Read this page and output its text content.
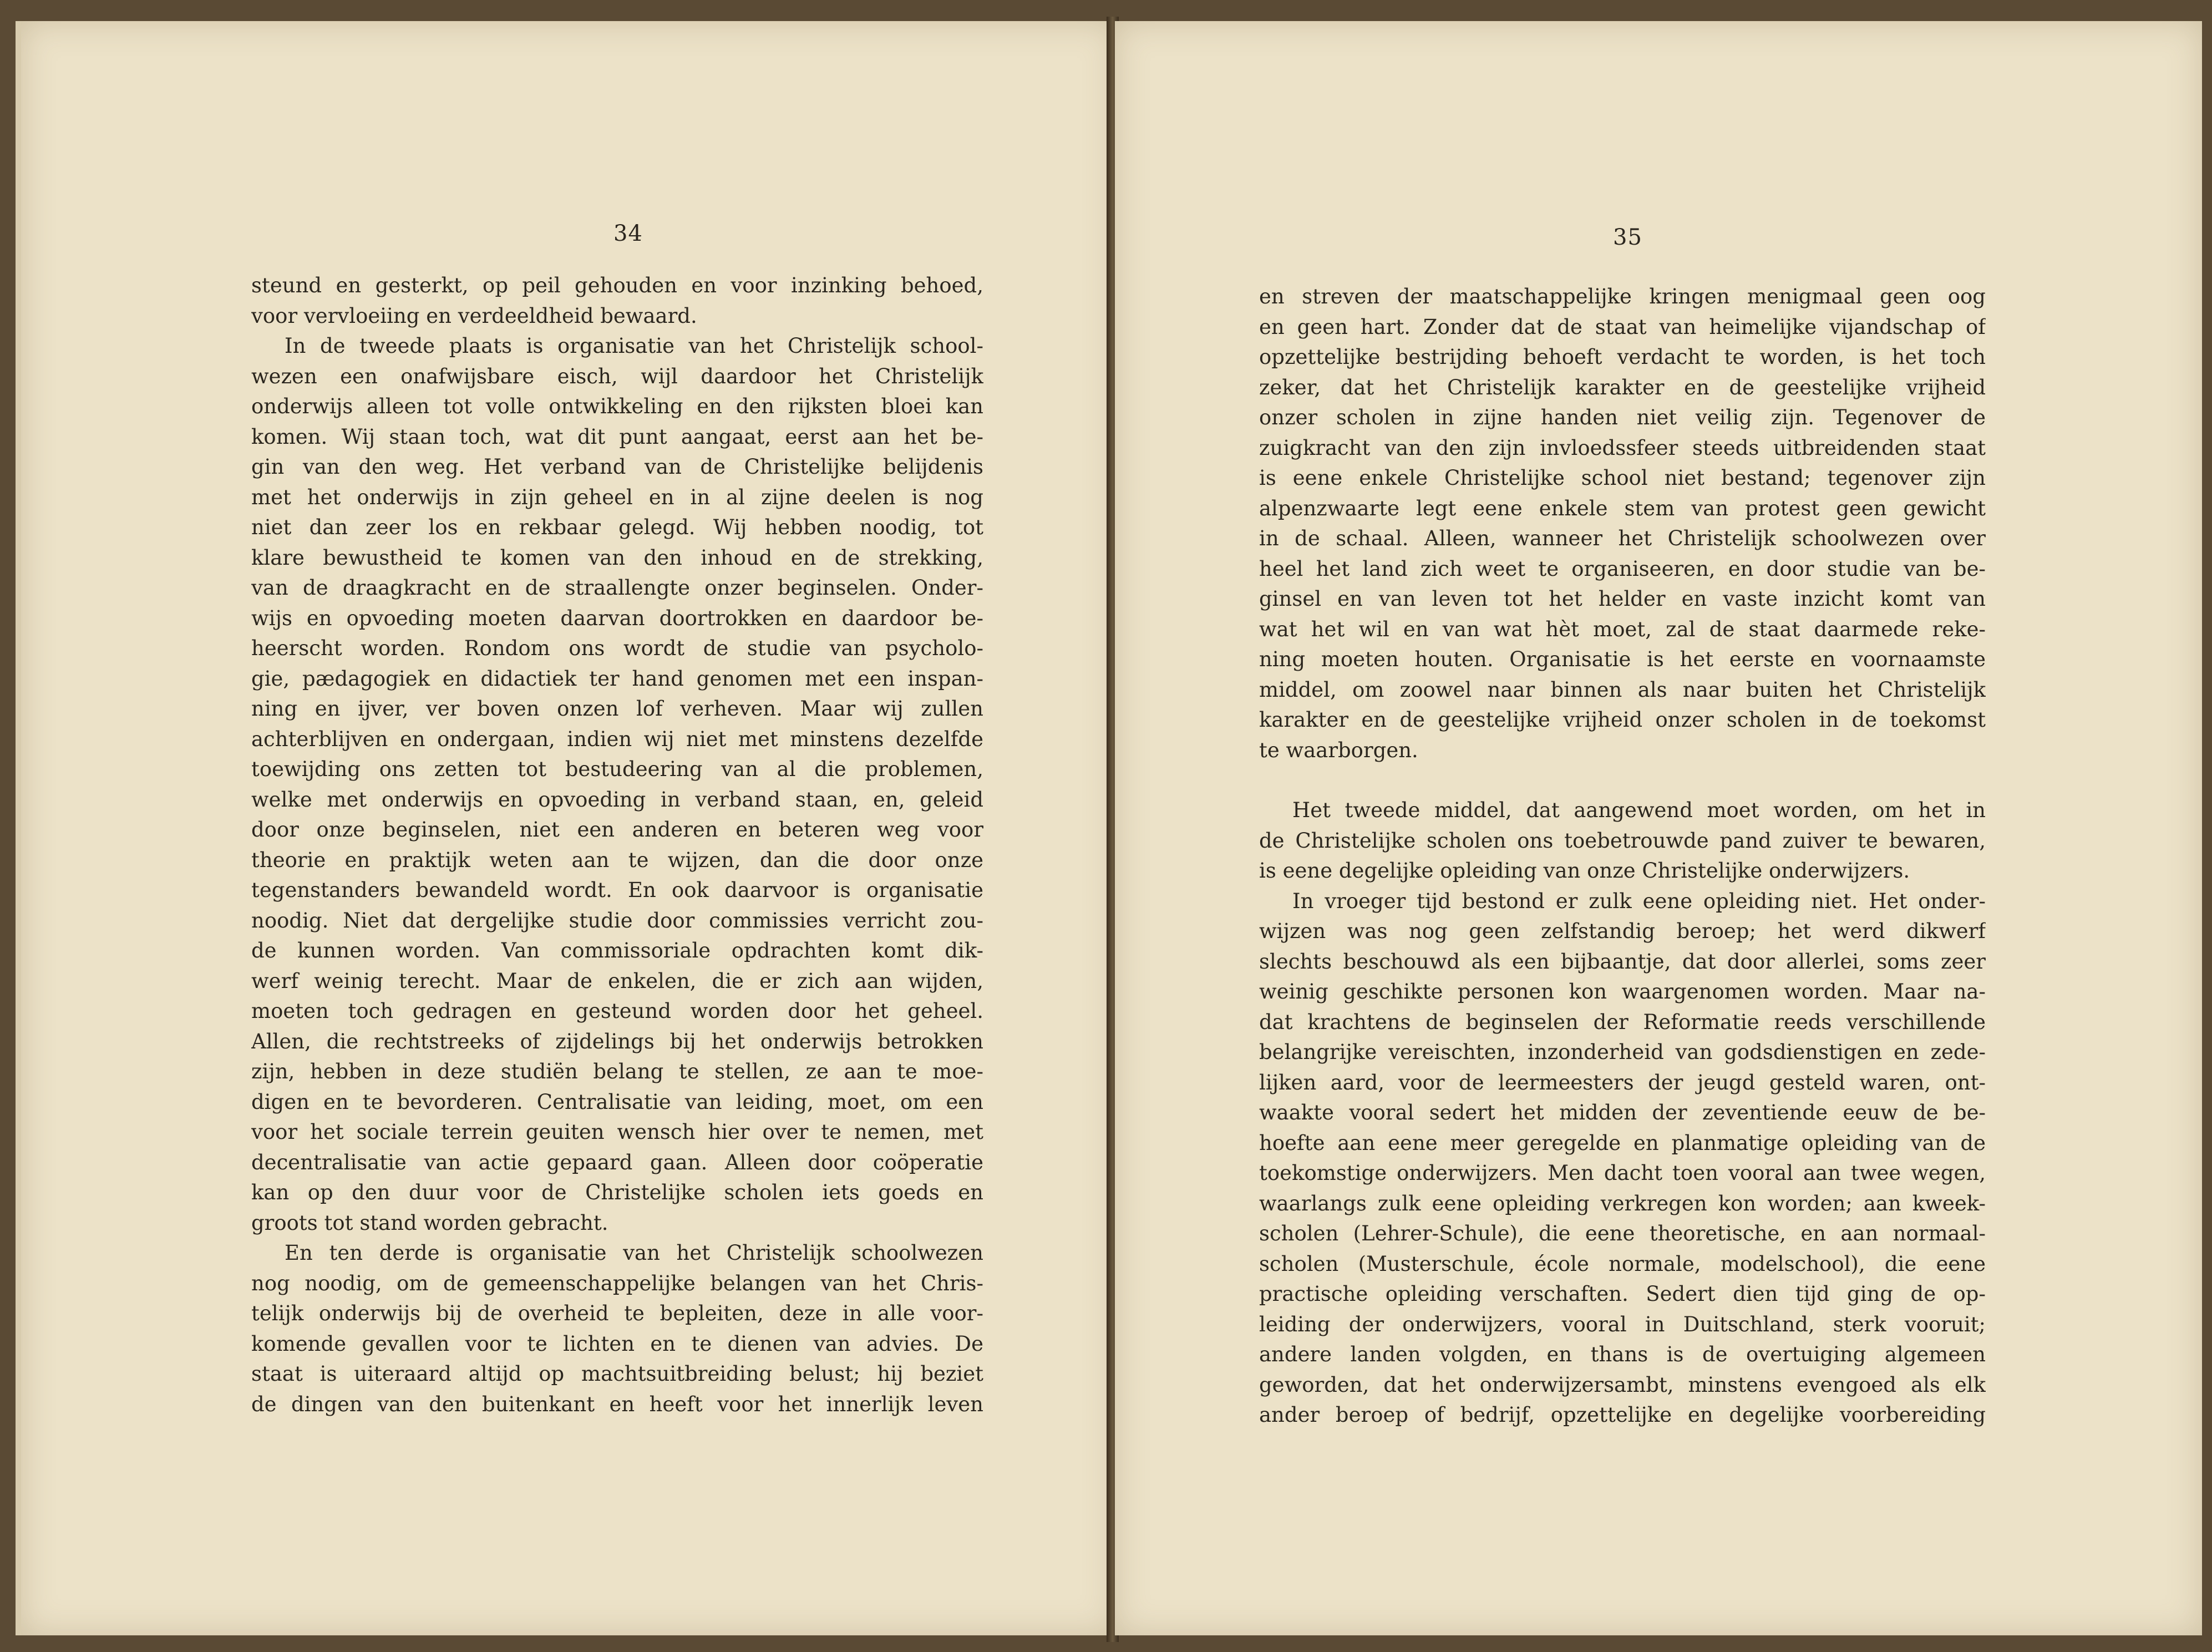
34
steund en gesterkt, op peil gehouden en voor inzinking behoed,
voor vervloeiing en verdeeldheid bewaard.
In de tweede plaats is organisatie van het Christelijk school-
wezen een onafwijsbare eisch, wijl daardoor het Christelijk
onderwijs alleen tot volle ontwikkeling en den rijksten bloei kan
komen. Wij staan toch, wat dit punt aangaat, eerst aan het be-
gin van den weg. Het verband van de Christelijke belijdenis
met het onderwijs in zijn geheel en in al zijne deelen is nog
niet dan zeer los en rekbaar gelegd. Wij hebben noodig, tot
klare bewustheid te komen van den inhoud en de strekking,
van de draagkracht en de straallengte onzer beginselen. Onder-
wijs en opvoeding moeten daarvan doortrokken en daardoor be-
heerscht worden. Rondom ons wordt de studie van psycholo-
gie, pædagogiek en didactiek ter hand genomen met een inspan-
ning en ijver, ver boven onzen lof verheven. Maar wij zullen
achterblijven en ondergaan, indien wij niet met minstens dezelfde
toewijding ons zetten tot bestudeering van al die problemen,
welke met onderwijs en opvoeding in verband staan, en, geleid
door onze beginselen, niet een anderen en beteren weg voor
theorie en praktijk weten aan te wijzen, dan die door onze
tegenstanders bewandeld wordt. En ook daarvoor is organisatie
noodig. Niet dat dergelijke studie door commissies verricht zou-
de kunnen worden. Van commissoriale opdrachten komt dik-
werf weinig terecht. Maar de enkelen, die er zich aan wijden,
moeten toch gedragen en gesteund worden door het geheel.
Allen, die rechtstreeks of zijdelings bij het onderwijs betrokken
zijn, hebben in deze studiën belang te stellen, ze aan te moe-
digen en te bevorderen. Centralisatie van leiding, moet, om een
voor het sociale terrein geuiten wensch hier over te nemen, met
decentralisatie van actie gepaard gaan. Alleen door coöperatie
kan op den duur voor de Christelijke scholen iets goeds en
groots tot stand worden gebracht.
En ten derde is organisatie van het Christelijk schoolwezen
nog noodig, om de gemeenschappelijke belangen van het Chris-
telijk onderwijs bij de overheid te bepleiten, deze in alle voor-
komende gevallen voor te lichten en te dienen van advies. De
staat is uiteraard altijd op machtsuitbreiding belust; hij beziet
de dingen van den buitenkant en heeft voor het innerlijk leven
35
en streven der maatschappelijke kringen menigmaal geen oog
en geen hart. Zonder dat de staat van heimelijke vijandschap of
opzettelijke bestrijding behoeft verdacht te worden, is het toch
zeker, dat het Christelijk karakter en de geestelijke vrijheid
onzer scholen in zijne handen niet veilig zijn. Tegenover de
zuigkracht van den zijn invloedssfeer steeds uitbreidenden staat
is eene enkele Christelijke school niet bestand; tegenover zijn
alpenzwaarte legt eene enkele stem van protest geen gewicht
in de schaal. Alleen, wanneer het Christelijk schoolwezen over
heel het land zich weet te organiseeren, en door studie van be-
ginsel en van leven tot het helder en vaste inzicht komt van
wat het wil en van wat hèt moet, zal de staat daarmede reke-
ning moeten houten. Organisatie is het eerste en voornaamste
middel, om zoowel naar binnen als naar buiten het Christelijk
karakter en de geestelijke vrijheid onzer scholen in de toekomst
te waarborgen.
Het tweede middel, dat aangewend moet worden, om het in
de Christelijke scholen ons toebetrouwde pand zuiver te bewaren,
is eene degelijke opleiding van onze Christelijke onderwijzers.
In vroeger tijd bestond er zulk eene opleiding niet. Het onder-
wijzen was nog geen zelfstandig beroep; het werd dikwerf
slechts beschouwd als een bijbaantje, dat door allerlei, soms zeer
weinig geschikte personen kon waargenomen worden. Maar na-
dat krachtens de beginselen der Reformatie reeds verschillende
belangrijke vereischten, inzonderheid van godsdienstigen en zede-
lijken aard, voor de leermeesters der jeugd gesteld waren, ont-
waakte vooral sedert het midden der zeventiende eeuw de be-
hoefte aan eene meer geregelde en planmatige opleiding van de
toekomstige onderwijzers. Men dacht toen vooral aan twee wegen,
waarlangs zulk eene opleiding verkregen kon worden; aan kweek-
scholen (Lehrer-Schule), die eene theoretische, en aan normaal-
scholen (Musterschule, école normale, modelschool), die eene
practische opleiding verschaften. Sedert dien tijd ging de op-
leiding der onderwijzers, vooral in Duitschland, sterk vooruit;
andere landen volgden, en thans is de overtuiging algemeen
geworden, dat het onderwijzersambt, minstens evengoed als elk
ander beroep of bedrijf, opzettelijke en degelijke voorbereiding
